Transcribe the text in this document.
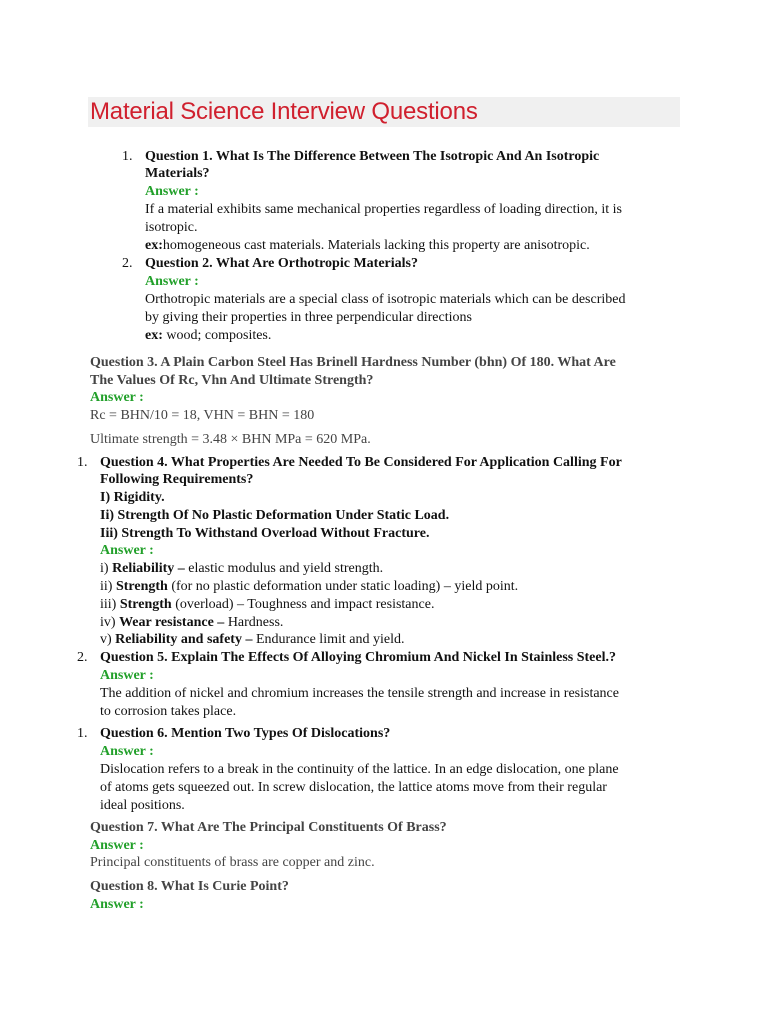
Material Science Interview Questions
1. Question 1. What Is The Difference Between The Isotropic And An Isotropic
Materials?
Answer :
If a material exhibits same mechanical properties regardless of loading direction, it is
isotropic.
ex:homogeneous cast materials. Materials lacking this property are anisotropic.
2. Question 2. What Are Orthotropic Materials?
Answer :
Orthotropic materials are a special class of isotropic materials which can be described
by giving their properties in three perpendicular directions
ex: wood; composites.
Question 3. A Plain Carbon Steel Has Brinell Hardness Number (bhn) Of 180. What Are
The Values Of Rc, Vhn And Ultimate Strength?
Answer :
Rc = BHN/10 = 18, VHN = BHN = 180
Ultimate strength = 3.48 × BHN MPa = 620 MPa.
1. Question 4. What Properties Are Needed To Be Considered For Application Calling For
Following Requirements?
I) Rigidity.
Ii) Strength Of No Plastic Deformation Under Static Load.
Iii) Strength To Withstand Overload Without Fracture.
Answer :
i) Reliability – elastic modulus and yield strength.
ii) Strength (for no plastic deformation under static loading) – yield point.
iii) Strength (overload) – Toughness and impact resistance.
iv) Wear resistance – Hardness.
v) Reliability and safety – Endurance limit and yield.
2. Question 5. Explain The Effects Of Alloying Chromium And Nickel In Stainless Steel.?
Answer :
The addition of nickel and chromium increases the tensile strength and increase in resistance
to corrosion takes place.
1. Question 6. Mention Two Types Of Dislocations?
Answer :
Dislocation refers to a break in the continuity of the lattice. In an edge dislocation, one plane
of atoms gets squeezed out. In screw dislocation, the lattice atoms move from their regular
ideal positions.
Question 7. What Are The Principal Constituents Of Brass?
Answer :
Principal constituents of brass are copper and zinc.
Question 8. What Is Curie Point?
Answer :
